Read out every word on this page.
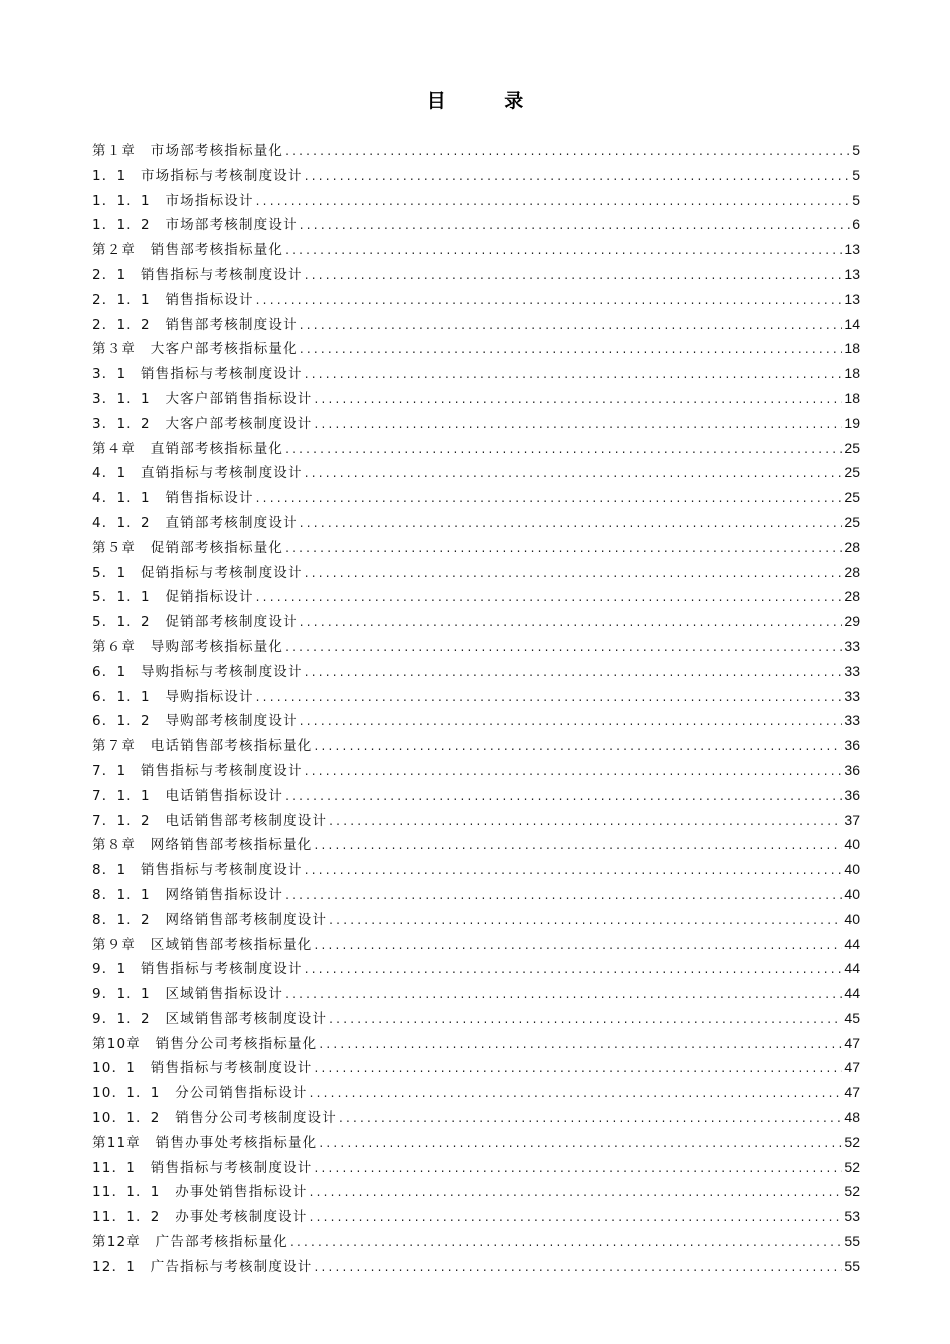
目 录
第１章　市场部考核指标量化 .....	5
1．1　市场指标与考核制度设计 .....	5
1．1．1　市场指标设计 .....	5
1．1．2　市场部考核制度设计 .....	6
第２章　销售部考核指标量化 .....	13
2．1　销售指标与考核制度设计 .....	13
2．1．1　销售指标设计 .....	13
2．1．2　销售部考核制度设计 .....	14
第３章　大客户部考核指标量化 .....	18
3．1　销售指标与考核制度设计 .....	18
3．1．1　大客户部销售指标设计 .....	18
3．1．2　大客户部考核制度设计 .....	19
第４章　直销部考核指标量化 .....	25
4．1　直销指标与考核制度设计 .....	25
4．1．1　销售指标设计 .....	25
4．1．2　直销部考核制度设计 .....	25
第５章　促销部考核指标量化 .....	28
5．1　促销指标与考核制度设计 .....	28
5．1．1　促销指标设计 .....	28
5．1．2　促销部考核制度设计 .....	29
第６章　导购部考核指标量化 .....	33
6．1　导购指标与考核制度设计 .....	33
6．1．1　导购指标设计 .....	33
6．1．2　导购部考核制度设计 .....	33
第７章　电话销售部考核指标量化 .....	36
7．1　销售指标与考核制度设计 .....	36
7．1．1　电话销售指标设计 .....	36
7．1．2　电话销售部考核制度设计 .....	37
第８章　网络销售部考核指标量化 .....	40
8．1　销售指标与考核制度设计 .....	40
8．1．1　网络销售指标设计 .....	40
8．1．2　网络销售部考核制度设计 .....	40
第９章　区域销售部考核指标量化 .....	44
9．1　销售指标与考核制度设计 .....	44
9．1．1　区域销售指标设计 .....	44
9．1．2　区域销售部考核制度设计 .....	45
第10章　销售分公司考核指标量化 .....	47
10．1　销售指标与考核制度设计 .....	47
10．1．1　分公司销售指标设计 .....	47
10．1．2　销售分公司考核制度设计 .....	48
第11章　销售办事处考核指标量化 .....	52
11．1　销售指标与考核制度设计 .....	52
11．1．1　办事处销售指标设计 .....	52
11．1．2　办事处考核制度设计 .....	53
第12章　广告部考核指标量化 .....	55
12．1　广告指标与考核制度设计 .....	55
